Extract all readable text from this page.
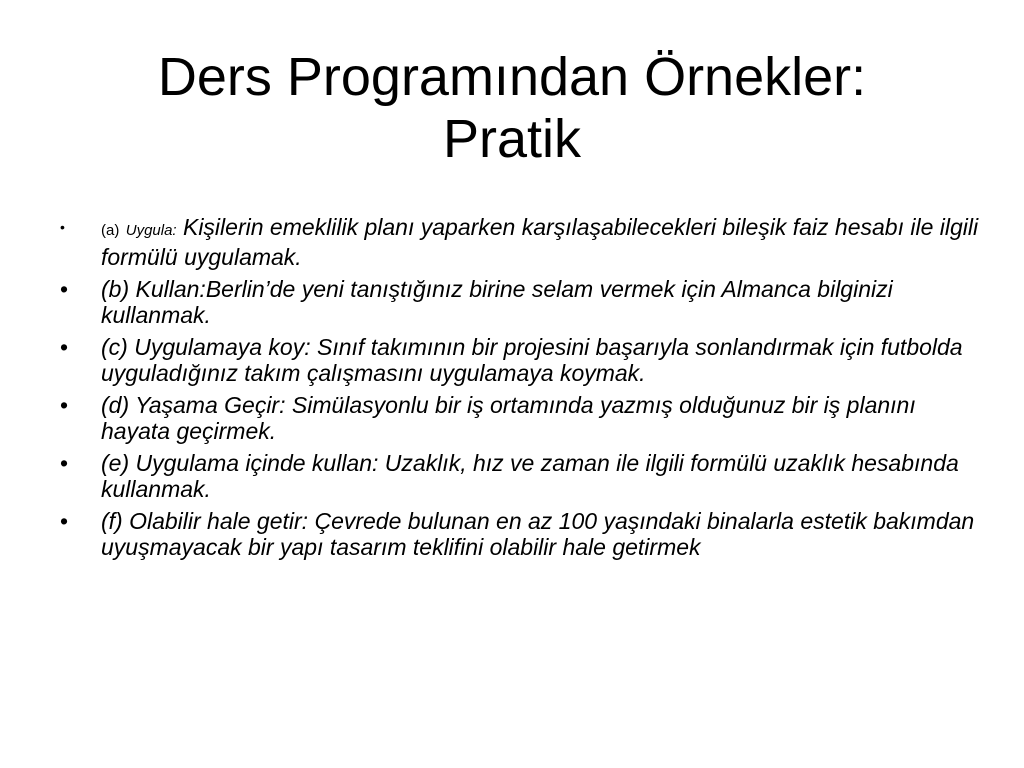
Ders Programından Örnekler:
Pratik
• (a) Uygula: Kişilerin emeklilik planı yaparken karşılaşabilecekleri bileşik faiz hesabı ile ilgili formülü uygulamak.
• (b) Kullan:Berlin’de yeni tanıştığınız birine selam vermek için Almanca bilginizi kullanmak.
• (c) Uygulamaya koy: Sınıf takımının bir projesini başarıyla sonlandırmak için futbolda uyguladığınız takım çalışmasını uygulamaya koymak.
• (d) Yaşama Geçir: Simülasyonlu bir iş ortamında yazmış olduğunuz bir iş planını hayata geçirmek.
• (e) Uygulama içinde kullan: Uzaklık, hız ve zaman ile ilgili formülü uzaklık hesabında kullanmak.
• (f) Olabilir hale getir: Çevrede bulunan en az 100 yaşındaki binalarla estetik bakımdan uyuşmayacak bir yapı tasarım teklifini olabilir hale getirmek
